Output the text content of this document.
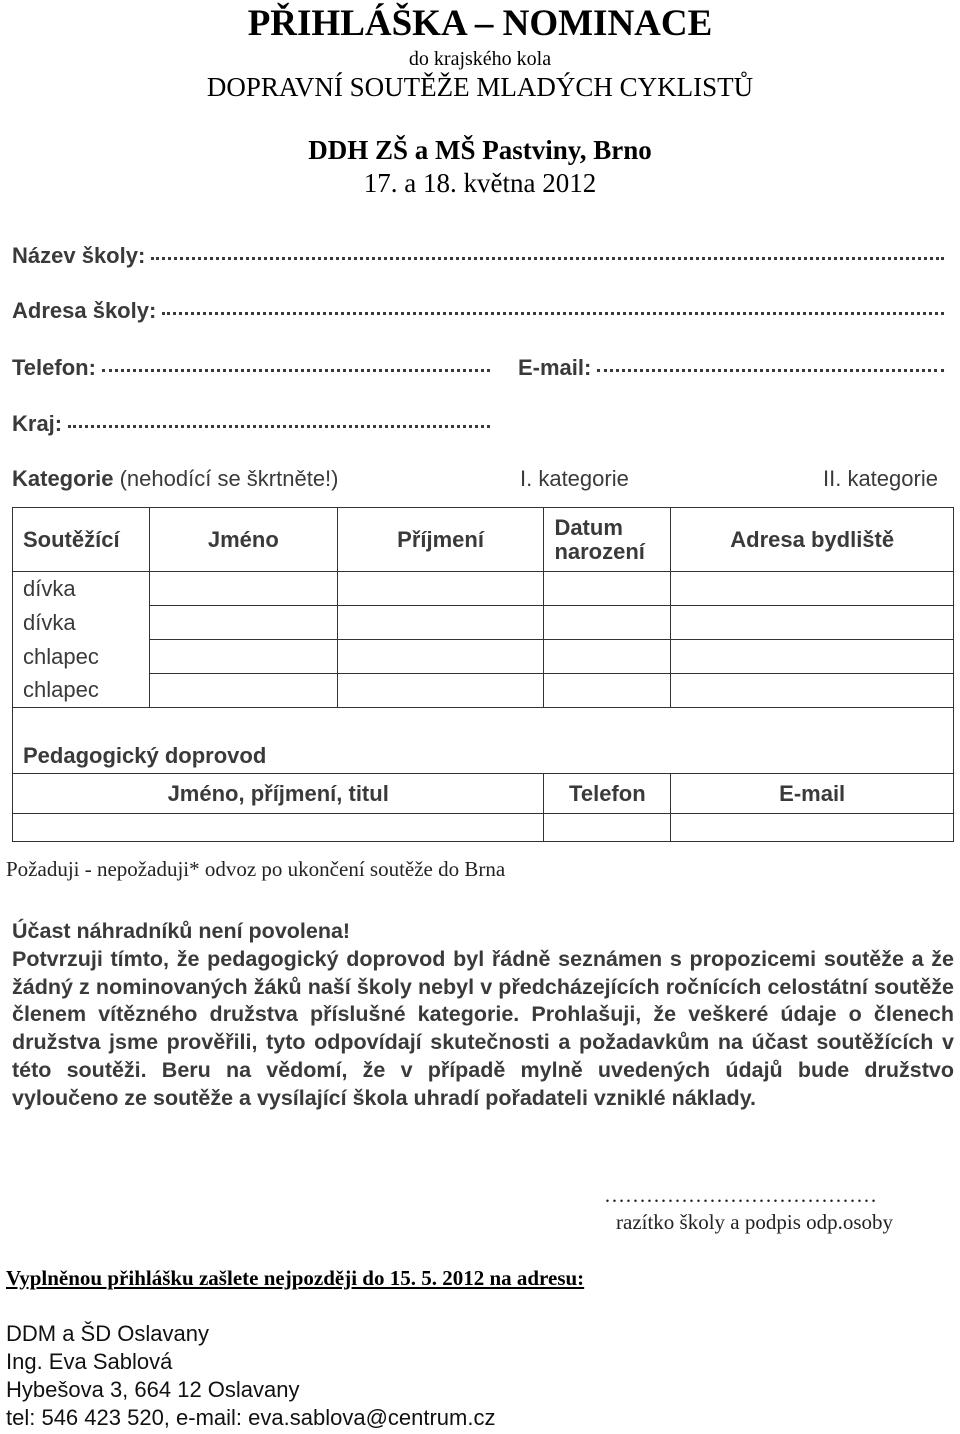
PŘIHLÁŠKA – NOMINACE
do krajského kola
DOPRAVNÍ SOUTĚŽE MLADÝCH CYKLISTŮ
DDH ZŠ a MŠ Pastviny, Brno
17. a 18. května 2012
Název školy:
Adresa školy:
Telefon:	E-mail:
Kraj:
Kategorie (nehodící se škrtněte!)	I. kategorie	II. kategorie
Soutěžící	Jméno	Příjmení	Datum narození	Adresa bydliště
dívka				
dívka				
chlapec				
chlapec				
Pedagogický doprovod		
Jméno, příjmení, titul	Telefon	E-mail

Požaduji - nepožaduji* odvoz po ukončení soutěže do Brna
Účast náhradníků není povolena!
Potvrzuji tímto, že pedagogický doprovod byl řádně seznámen s propozicemi soutěže a že žádný z nominovaných žáků naší školy nebyl v předcházejících ročnících celostátní soutěže členem vítězného družstva příslušné kategorie. Prohlašuji, že veškeré údaje o členech družstva jsme prověřili, tyto odpovídají skutečnosti a požadavkům na účast soutěžících v této soutěži. Beru na vědomí, že v případě mylně uvedených údajů bude družstvo vyloučeno ze soutěže a vysílající škola uhradí pořadateli vzniklé náklady.
…………………………………
razítko školy a podpis odp.osoby
Vyplněnou přihlášku zašlete nejpozději do 15. 5. 2012 na adresu:
DDM a ŠD Oslavany
Ing. Eva Sablová
Hybešova 3, 664 12 Oslavany
tel: 546 423 520, e-mail: eva.sablova@centrum.cz
